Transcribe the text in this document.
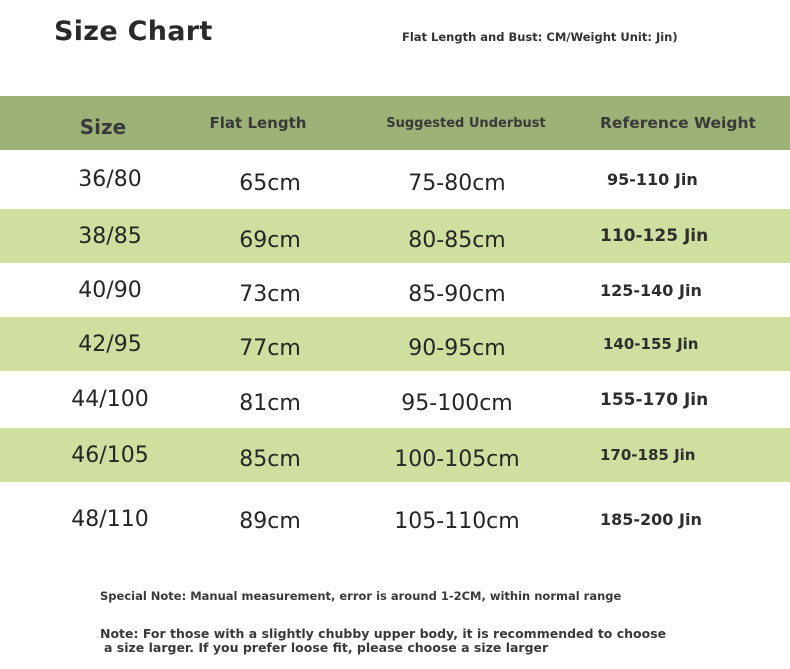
Size Chart	Flat Length and Bust: CM/Weight Unit: Jin)
Size	Flat Length	Suggested Underbust	Reference Weight
36/80	65cm	75-80cm	95-110 Jin
38/85	69cm	80-85cm	110-125 Jin
40/90	73cm	85-90cm	125-140 Jin
42/95	77cm	90-95cm	140-155 Jin
44/100	81cm	95-100cm	155-170 Jin
46/105	85cm	100-105cm	170-185 Jin
48/110	89cm	105-110cm	185-200 Jin
Special Note: Manual measurement, error is around 1-2CM, within normal range
Note: For those with a slightly chubby upper body, it is recommended to choose
a size larger. If you prefer loose fit, please choose a size larger
